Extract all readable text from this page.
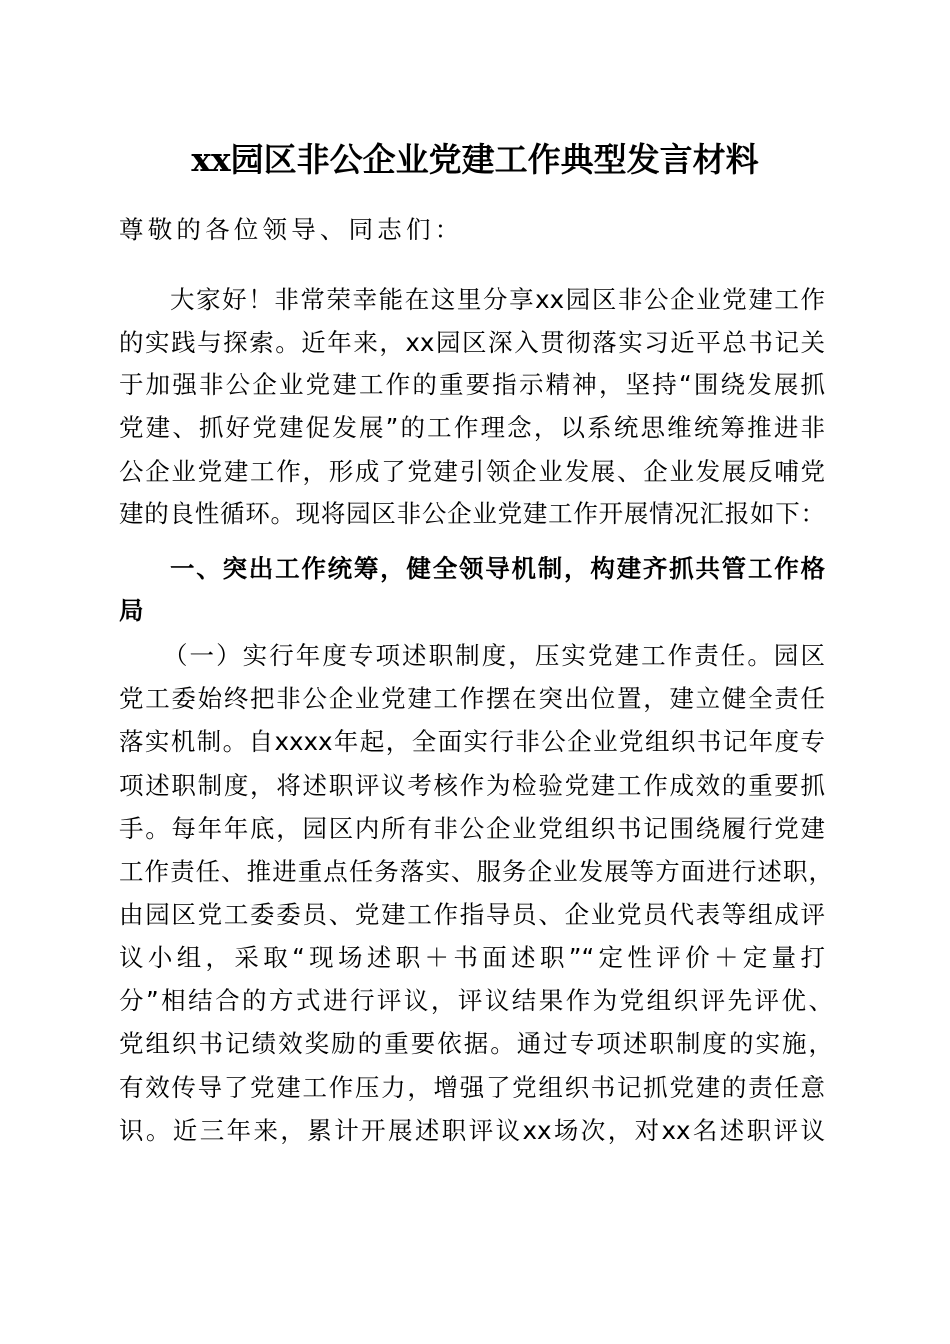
xx园区非公企业党建工作典型发言材料
尊敬的各位领导、同志们：
大家好！非常荣幸能在这里分享xx园区非公企业党建工作
的实践与探索。近年来，xx园区深入贯彻落实习近平总书记关
于加强非公企业党建工作的重要指示精神，坚持“围绕发展抓
党建、抓好党建促发展”的工作理念，以系统思维统筹推进非
公企业党建工作，形成了党建引领企业发展、企业发展反哺党
建的良性循环。现将园区非公企业党建工作开展情况汇报如下：
一、突出工作统筹，健全领导机制，构建齐抓共管工作格
局
（一）实行年度专项述职制度，压实党建工作责任。园区
党工委始终把非公企业党建工作摆在突出位置，建立健全责任
落实机制。自xxxx年起，全面实行非公企业党组织书记年度专
项述职制度，将述职评议考核作为检验党建工作成效的重要抓
手。每年年底，园区内所有非公企业党组织书记围绕履行党建
工作责任、推进重点任务落实、服务企业发展等方面进行述职，
由园区党工委委员、党建工作指导员、企业党员代表等组成评
议小组，采取“现场述职＋书面述职”“定性评价＋定量打
分”相结合的方式进行评议，评议结果作为党组织评先评优、
党组织书记绩效奖励的重要依据。通过专项述职制度的实施，
有效传导了党建工作压力，增强了党组织书记抓党建的责任意
识。近三年来，累计开展述职评议xx场次，对xx名述职评议
